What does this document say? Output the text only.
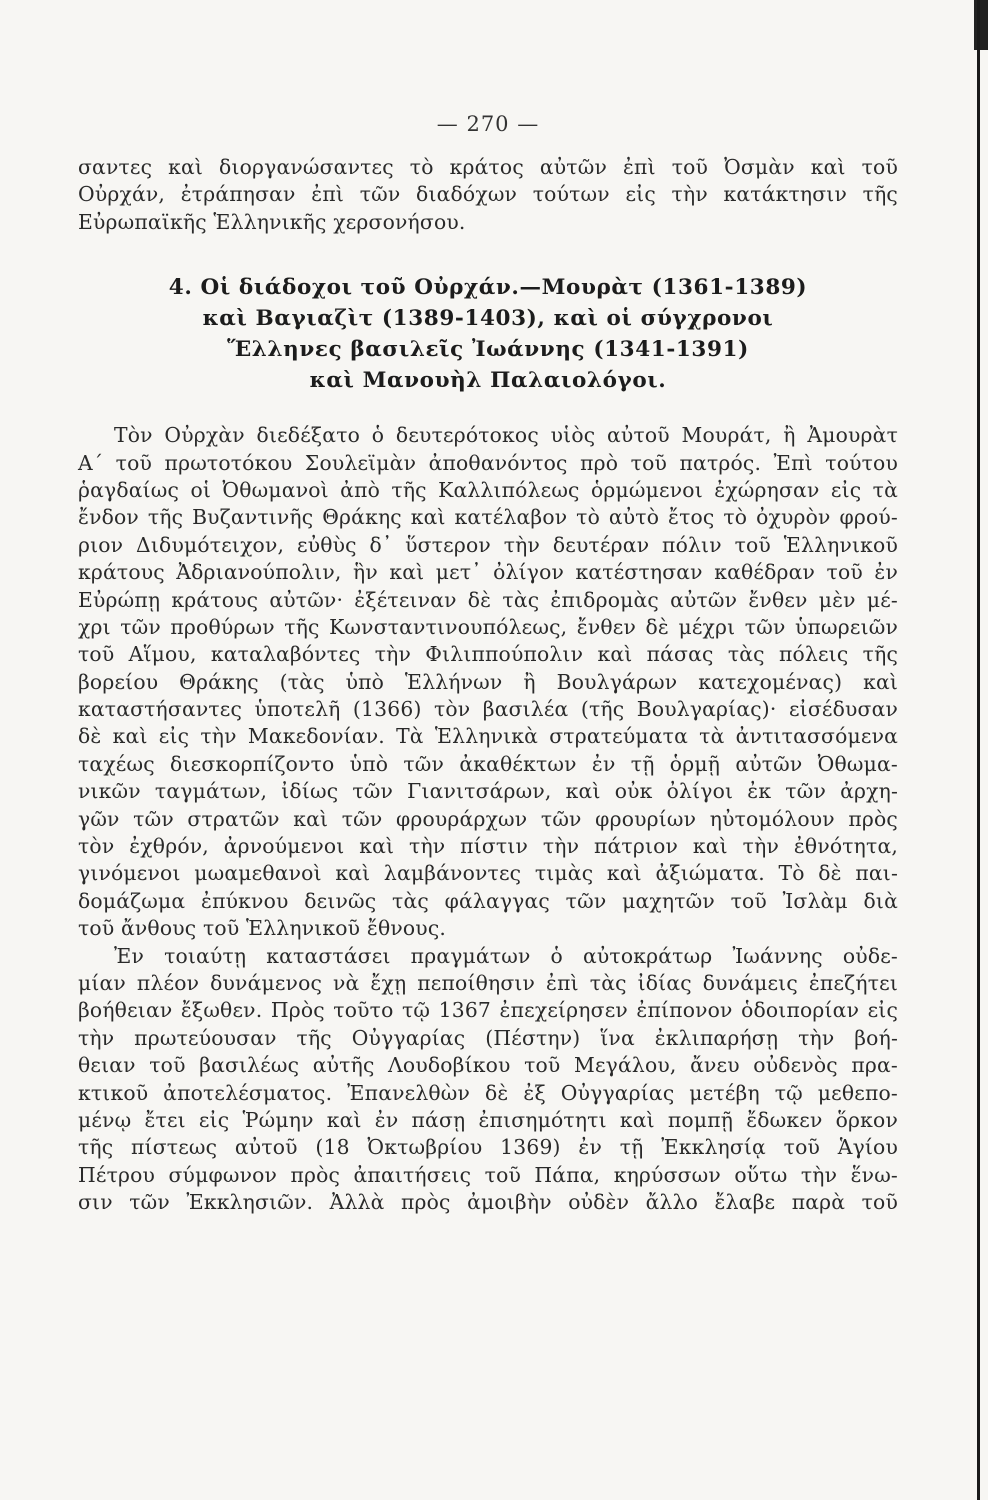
— 270 —
σαντες καὶ διοργανώσαντες τὸ κράτος αὐτῶν ἐπὶ τοῦ Ὀσμὰν καὶ τοῦ
Οὐρχάν, ἐτράπησαν ἐπὶ τῶν διαδόχων τούτων εἰς τὴν κατάκτησιν τῆς
Εὐρωπαϊκῆς Ἑλληνικῆς χερσονήσου.
4. Οἱ διάδοχοι τοῦ Οὐρχάν.—Μουρὰτ (1361-1389)
καὶ Βαγιαζὶτ (1389-1403), καὶ οἱ σύγχρονοι
Ἕλληνες βασιλεῖς Ἰωάννης (1341-1391)
καὶ Μανουὴλ Παλαιολόγοι.
Τὸν Οὐρχὰν διεδέξατο ὁ δευτερότοκος υἱὸς αὐτοῦ Μουράτ, ἢ Ἀμουρὰτ
Α΄ τοῦ πρωτοτόκου Σουλεϊμὰν ἀποθανόντος πρὸ τοῦ πατρός. Ἐπὶ τούτου
ῥαγδαίως οἱ Ὀθωμανοὶ ἀπὸ τῆς Καλλιπόλεως ὁρμώμενοι ἐχώρησαν εἰς τὰ
ἔνδον τῆς Βυζαντινῆς Θράκης καὶ κατέλαβον τὸ αὐτὸ ἔτος τὸ ὀχυρὸν φρού-
ριον Διδυμότειχον, εὐθὺς δ᾽ ὕστερον τὴν δευτέραν πόλιν τοῦ Ἑλληνικοῦ
κράτους Ἀδριανούπολιν, ἣν καὶ μετ᾽ ὀλίγον κατέστησαν καθέδραν τοῦ ἐν
Εὐρώπῃ κράτους αὐτῶν· ἐξέτειναν δὲ τὰς ἐπιδρομὰς αὐτῶν ἔνθεν μὲν μέ-
χρι τῶν προθύρων τῆς Κωνσταντινουπόλεως, ἔνθεν δὲ μέχρι τῶν ὑπωρειῶν
τοῦ Αἵμου, καταλαβόντες τὴν Φιλιππούπολιν καὶ πάσας τὰς πόλεις τῆς
βορείου Θράκης (τὰς ὑπὸ Ἑλλήνων ἢ Βουλγάρων κατεχομένας) καὶ
καταστήσαντες ὑποτελῆ (1366) τὸν βασιλέα (τῆς Βουλγαρίας)· εἰσέδυσαν
δὲ καὶ εἰς τὴν Μακεδονίαν. Τὰ Ἑλληνικὰ στρατεύματα τὰ ἀντιτασσόμενα
ταχέως διεσκορπίζοντο ὑπὸ τῶν ἀκαθέκτων ἐν τῇ ὁρμῇ αὐτῶν Ὀθωμα-
νικῶν ταγμάτων, ἰδίως τῶν Γιανιτσάρων, καὶ οὐκ ὀλίγοι ἐκ τῶν ἀρχη-
γῶν τῶν στρατῶν καὶ τῶν φρουράρχων τῶν φρουρίων ηὐτομόλουν πρὸς
τὸν ἐχθρόν, ἀρνούμενοι καὶ τὴν πίστιν τὴν πάτριον καὶ τὴν ἐθνότητα,
γινόμενοι μωαμεθανοὶ καὶ λαμβάνοντες τιμὰς καὶ ἀξιώματα. Τὸ δὲ παι-
δομάζωμα ἐπύκνου δεινῶς τὰς φάλαγγας τῶν μαχητῶν τοῦ Ἰσλὰμ διὰ
τοῦ ἄνθους τοῦ Ἑλληνικοῦ ἔθνους.
Ἐν τοιαύτῃ καταστάσει πραγμάτων ὁ αὐτοκράτωρ Ἰωάννης οὐδε-
μίαν πλέον δυνάμενος νὰ ἔχῃ πεποίθησιν ἐπὶ τὰς ἰδίας δυνάμεις ἐπεζήτει
βοήθειαν ἔξωθεν. Πρὸς τοῦτο τῷ 1367 ἐπεχείρησεν ἐπίπονον ὁδοιπορίαν εἰς
τὴν πρωτεύουσαν τῆς Οὐγγαρίας (Πέστην) ἵνα ἐκλιπαρήσῃ τὴν βοή-
θειαν τοῦ βασιλέως αὐτῆς Λουδοβίκου τοῦ Μεγάλου, ἄνευ οὐδενὸς πρα-
κτικοῦ ἀποτελέσματος. Ἐπανελθὼν δὲ ἐξ Οὐγγαρίας μετέβη τῷ μεθεπο-
μένῳ ἔτει εἰς Ῥώμην καὶ ἐν πάσῃ ἐπισημότητι καὶ πομπῇ ἔδωκεν ὅρκον
τῆς πίστεως αὐτοῦ (18 Ὀκτωβρίου 1369) ἐν τῇ Ἐκκλησίᾳ τοῦ Ἁγίου
Πέτρου σύμφωνον πρὸς ἀπαιτήσεις τοῦ Πάπα, κηρύσσων οὕτω τὴν ἕνω-
σιν τῶν Ἐκκλησιῶν. Ἀλλὰ πρὸς ἀμοιβὴν οὐδὲν ἄλλο ἔλαβε παρὰ τοῦ
